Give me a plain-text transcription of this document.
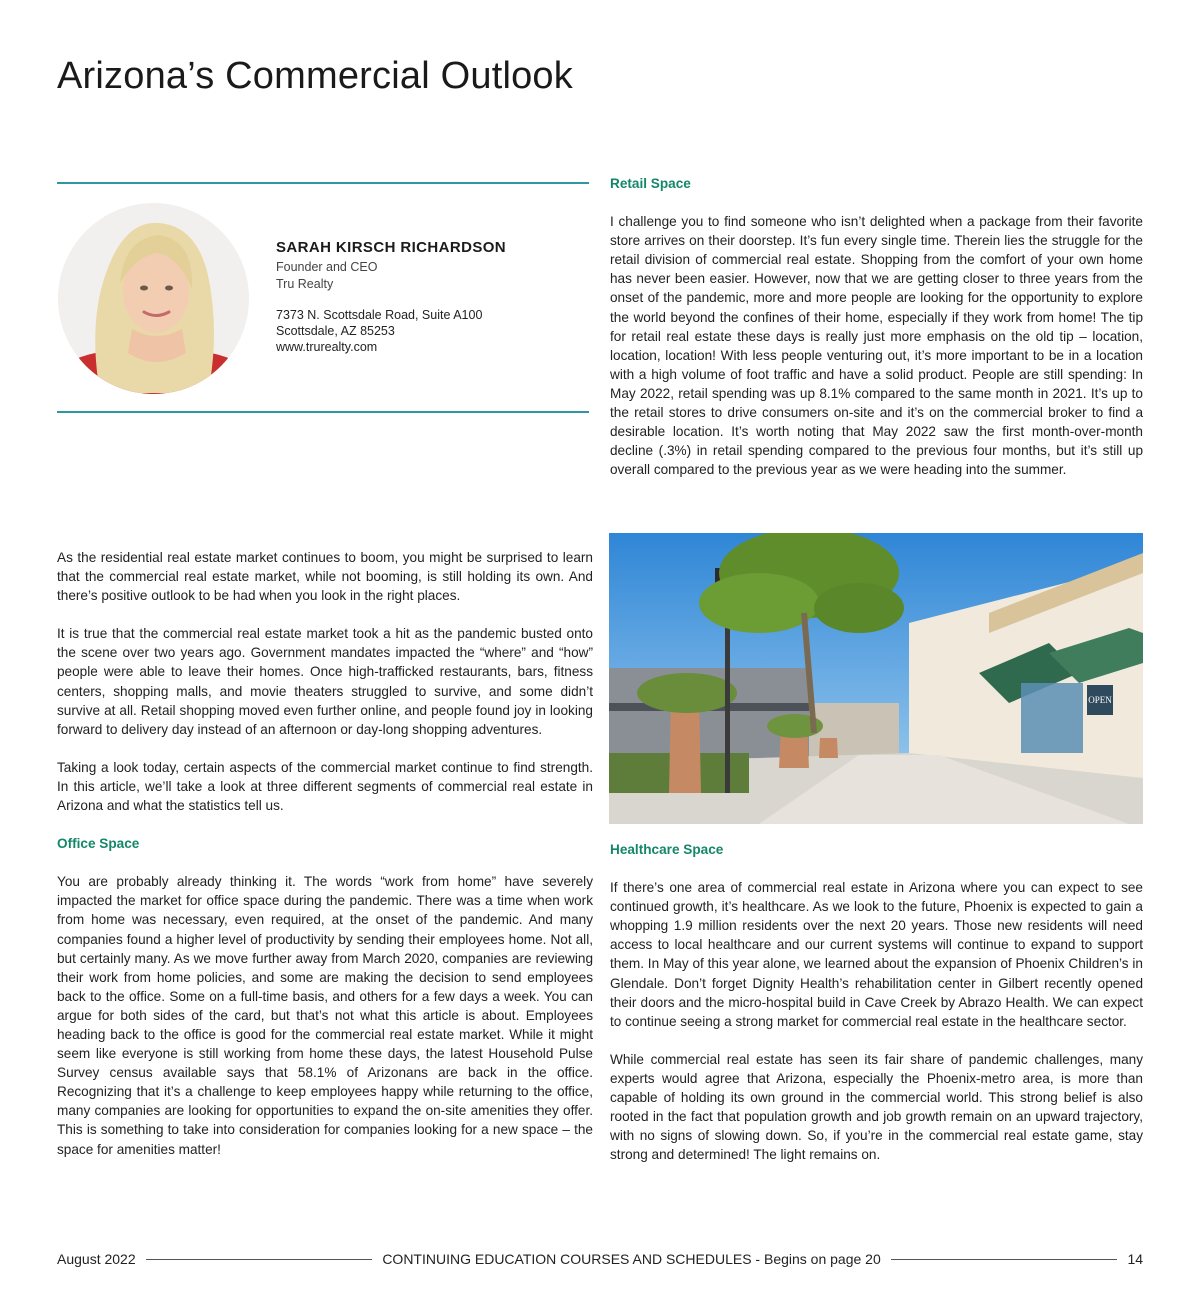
Arizona’s Commercial Outlook
SARAH KIRSCH RICHARDSON
Founder and CEO
Tru Realty
7373 N. Scottsdale Road, Suite A100
Scottsdale, AZ 85253
www.trurealty.com

As the residential real estate market continues to boom, you might be surprised to learn that the commercial real estate market, while not booming, is still holding its own. And there’s positive outlook to be had when you look in the right places.

It is true that the commercial real estate market took a hit as the pandemic busted onto the scene over two years ago. Government mandates impacted the “where” and “how” people were able to leave their homes. Once high-trafficked restaurants, bars, fitness centers, shopping malls, and movie theaters struggled to survive, and some didn’t survive at all. Retail shopping moved even further online, and people found joy in looking forward to delivery day instead of an afternoon or day-long shopping adventures.

Taking a look today, certain aspects of the commercial market continue to find strength. In this article, we’ll take a look at three different segments of commercial real estate in Arizona and what the statistics tell us.

Office Space

You are probably already thinking it. The words “work from home” have severely impacted the market for office space during the pandemic. There was a time when work from home was necessary, even required, at the onset of the pandemic. And many companies found a higher level of productivity by sending their employees home. Not all, but certainly many. As we move further away from March 2020, companies are reviewing their work from home policies, and some are making the decision to send employees back to the office. Some on a full-time basis, and others for a few days a week. You can argue for both sides of the card, but that’s not what this article is about. Employees heading back to the office is good for the commercial real estate market. While it might seem like everyone is still working from home these days, the latest Household Pulse Survey census available says that 58.1% of Arizonans are back in the office. Recognizing that it’s a challenge to keep employees happy while returning to the office, many companies are looking for opportunities to expand the on-site amenities they offer. This is something to take into consideration for companies looking for a new space – the space for amenities matter!

Retail Space

I challenge you to find someone who isn’t delighted when a package from their favorite store arrives on their doorstep. It’s fun every single time. Therein lies the struggle for the retail division of commercial real estate. Shopping from the comfort of your own home has never been easier. However, now that we are getting closer to three years from the onset of the pandemic, more and more people are looking for the opportunity to explore the world beyond the confines of their home, especially if they work from home! The tip for retail real estate these days is really just more emphasis on the old tip – location, location, location! With less people venturing out, it’s more important to be in a location with a high volume of foot traffic and have a solid product. People are still spending: In May 2022, retail spending was up 8.1% compared to the same month in 2021. It’s up to the retail stores to drive consumers on-site and it’s on the commercial broker to find a desirable location. It’s worth noting that May 2022 saw the first month-over-month decline (.3%) in retail spending compared to the previous four months, but it’s still up overall compared to the previous year as we were heading into the summer.

OPEN
Healthcare Space

If there’s one area of commercial real estate in Arizona where you can expect to see continued growth, it’s healthcare. As we look to the future, Phoenix is expected to gain a whopping 1.9 million residents over the next 20 years. Those new residents will need access to local healthcare and our current systems will continue to expand to support them. In May of this year alone, we learned about the expansion of Phoenix Children’s in Glendale. Don’t forget Dignity Health’s rehabilitation center in Gilbert recently opened their doors and the micro-hospital build in Cave Creek by Abrazo Health. We can expect to continue seeing a strong market for commercial real estate in the healthcare sector.

While commercial real estate has seen its fair share of pandemic challenges, many experts would agree that Arizona, especially the Phoenix-metro area, is more than capable of holding its own ground in the commercial world. This strong belief is also rooted in the fact that population growth and job growth remain on an upward trajectory, with no signs of slowing down. So, if you’re in the commercial real estate game, stay strong and determined! The light remains on.

August 2022	CONTINUING EDUCATION COURSES AND SCHEDULES - Begins on page 20	14
